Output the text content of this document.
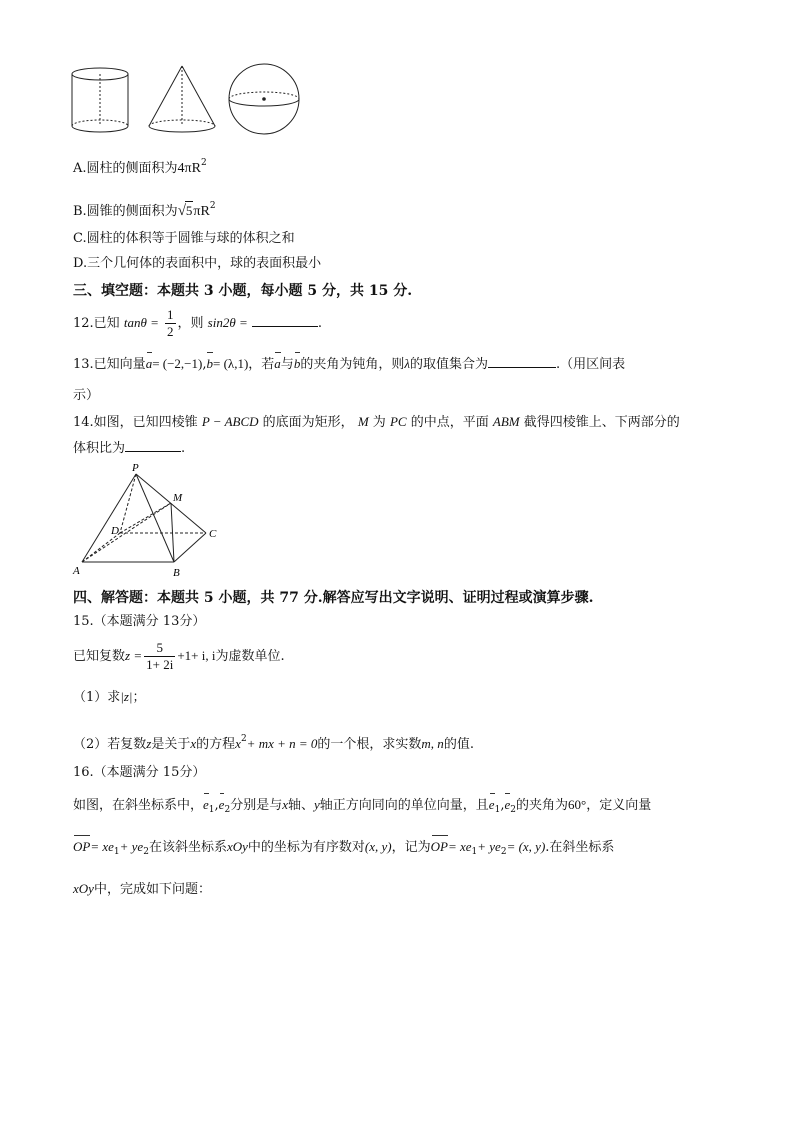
A.圆柱的侧面积为$4\pi R^2$
B.圆锥的侧面积为$√5\pi R^2$
C.圆柱的体积等于圆锥与球的体积之和
D.三个几何体的表面积中，球的表面积最小
三、填空题：本题共 3 小题，每小题 5 分，共 15 分.
12.已知 $\tan\theta = \frac{1}{2}$ ，则 sin2θ =	.
13.已知向量a= (−2,−1),b= (λ,1)，若a与b的夹角为钝角，则λ的取值集合为	.（用区间表
示）
14.如图，已知四棱锥 P − ABCD 的底面为矩形， M 为 PC 的中点，平面 ABM 截得四棱锥上、下两部分的
体积比为	.
P
M
D	C
A	B
四、解答题：本题共 5 小题，共 77 分.解答应写出文字说明、证明过程或演算步骤.
15.（本题满分 13分）
已知复数$z = \frac{5}{1+ 2i} +1+ i$, i为虚数单位.
（1）求|z|；
（2）若复数z是关于x的方程$x^2+$ mx + n = 0的一个根，求实数m, n的值.
16.（本题满分 15分）
如图，在斜坐标系中，$e_1,e_2$分别是与x轴、y轴正方向同向的单位向量，且$e_1,e_2$的夹角为60°，定义向量
$OP= xe_1+ ye_2$在该斜坐标系xOy中的坐标为有序数对(x, y)，记为$OP= xe_1+ ye_2= (x$, y).在斜坐标系
xOy中，完成如下问题：
